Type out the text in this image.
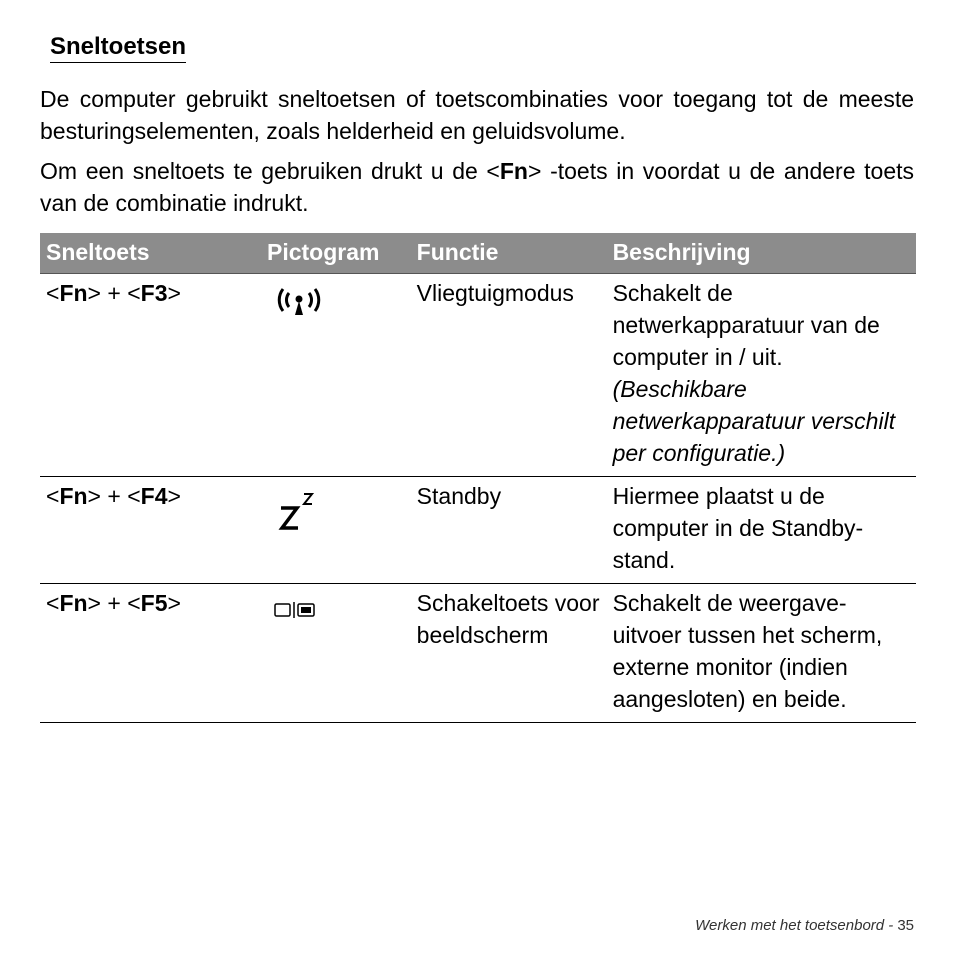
Sneltoetsen

De computer gebruikt sneltoetsen of toetscombinaties voor toegang tot de meeste besturingselementen, zoals helderheid en geluidsvolume.

Om een sneltoets te gebruiken drukt u de <Fn> -toets in voordat u de andere toets van de combinatie indrukt.

Sneltoets	Pictogram	Functie	Beschrijving
<Fn> + <F3>		Vliegtuigmodus	Schakelt de netwerkapparatuur van de computer in / uit.
(Beschikbare netwerkapparatuur verschilt per configuratie.)
<Fn> + <F4>		Standby	Hiermee plaatst u de computer in de Standby-stand.
<Fn> + <F5>		Schakeltoets voor beeldscherm	Schakelt de weergave-uitvoer tussen het scherm, externe monitor (indien aangesloten) en beide.
Werken met het toetsenbord - 35
